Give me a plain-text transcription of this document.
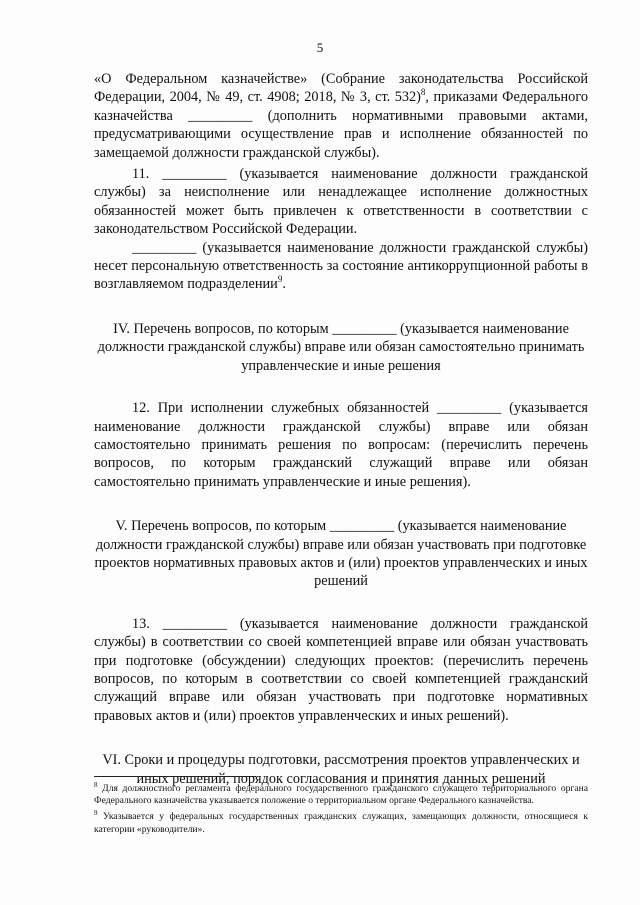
5

«О Федеральном казначействе» (Собрание законодательства Российской Федерации, 2004, № 49, ст. 4908; 2018, № 3, ст. 532)$^8$, приказами Федерального казначейства _________ (дополнить нормативными правовыми актами, предусматривающими осуществление прав и исполнение обязанностей по замещаемой должности гражданской службы).

11. _________ (указывается наименование должности гражданской службы) за неисполнение или ненадлежащее исполнение должностных обязанностей может быть привлечен к ответственности в соответствии с законодательством Российской Федерации.

_________ (указывается наименование должности гражданской службы) несет персональную ответственность за состояние антикоррупционной работы в возглавляемом подразделении$^9$.

IV. Перечень вопросов, по которым _________ (указывается наименование должности гражданской службы) вправе или обязан самостоятельно принимать управленческие и иные решения

12. При исполнении служебных обязанностей _________ (указывается наименование должности гражданской службы) вправе или обязан самостоятельно принимать решения по вопросам: (перечислить перечень вопросов, по которым гражданский служащий вправе или обязан самостоятельно принимать управленческие и иные решения).

V. Перечень вопросов, по которым _________ (указывается наименование должности гражданской службы) вправе или обязан участвовать при подготовке проектов нормативных правовых актов и (или) проектов управленческих и иных решений

13. _________ (указывается наименование должности гражданской службы) в соответствии со своей компетенцией вправе или обязан участвовать при подготовке (обсуждении) следующих проектов: (перечислить перечень вопросов, по которым в соответствии со своей компетенцией гражданский служащий вправе или обязан участвовать при подготовке нормативных правовых актов и (или) проектов управленческих и иных решений).

VI. Сроки и процедуры подготовки, рассмотрения проектов управленческих и иных решений, порядок согласования и принятия данных решений

$^8$ Для должностного регламента федерального государственного гражданского служащего территориального органа Федерального казначейства указывается положение о территориальном органе Федерального казначейства.

$^9$ Указывается у федеральных государственных гражданских служащих, замещающих должности, относящиеся к категории «руководители».
